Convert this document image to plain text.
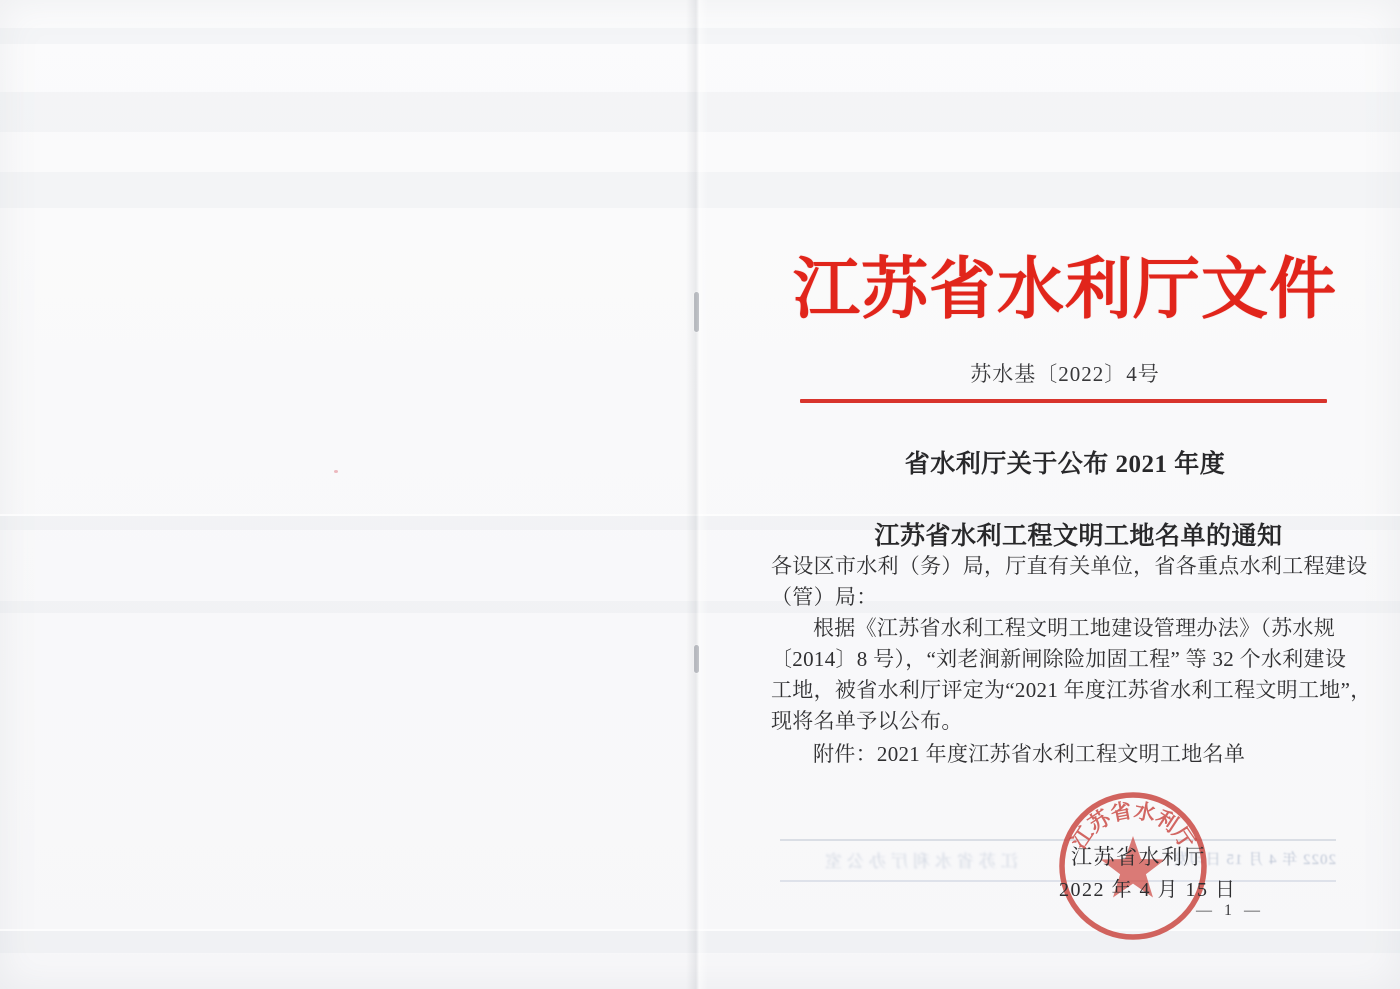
江苏省水利厅文件
苏水基〔2022〕4号
省水利厅关于公布 2021 年度

江苏省水利工程文明工地名单的通知
各设区市水利（务）局，厅直有关单位，省各重点水利工程建设
（管）局：
根据《江苏省水利工程文明工地建设管理办法》（苏水规
〔2014〕8 号），“刘老涧新闸除险加固工程” 等 32 个水利建设
工地，被省水利厅评定为“2021 年度江苏省水利工程文明工地”，
现将名单予以公布。
附件：2021 年度江苏省水利工程文明工地名单
江苏省水利厅办公室	2022 年 4 月 15 日印发
江苏省水利厅
江苏省水利厅
2022 年 4 月 15 日
— 1 —
